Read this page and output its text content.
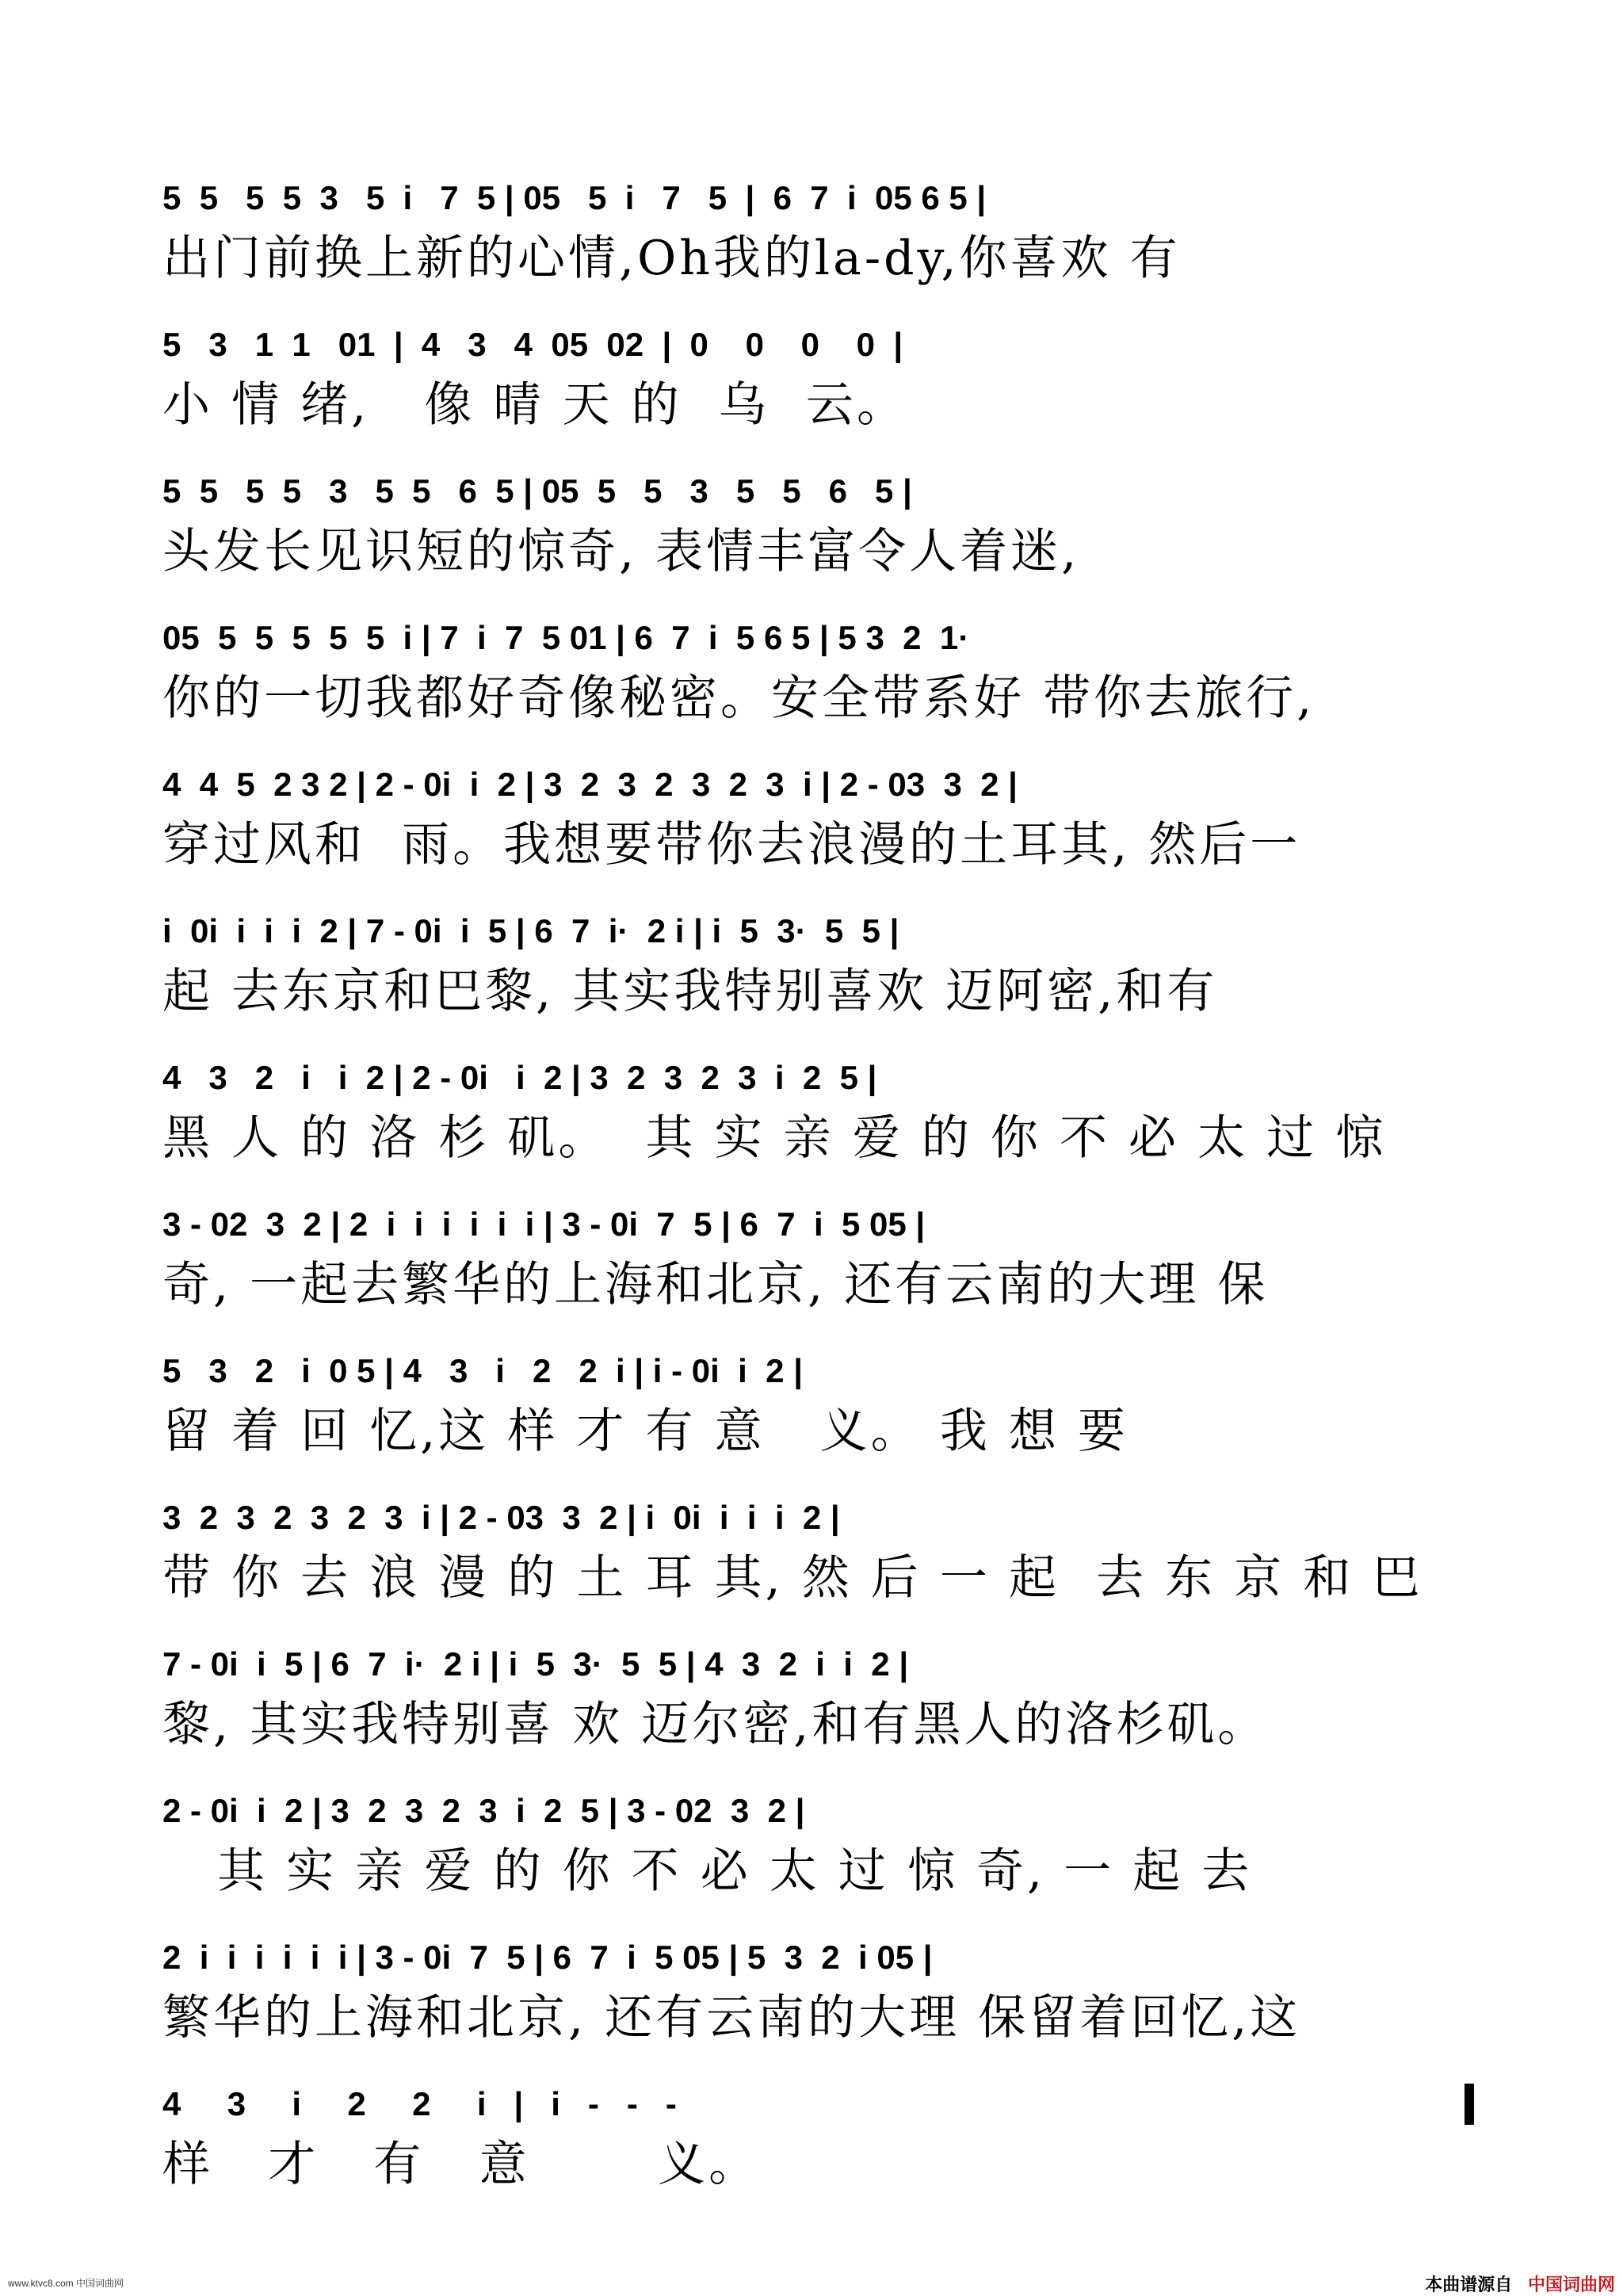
5  5   5  5  3   5  i   7  5 | 05   5  i   7   5  |  6  7  i  05 6 5 |
出门前换上新的心情,Oh我的la-dy,你喜欢 有
5   3   1  1   01  |  4   3   4  05  02  |  0    0    0    0  |
小 情 绪,   像 晴 天 的  乌  云。
5  5   5  5   3   5  5   6  5 | 05  5   5   3   5   5   6   5 |
头发长见识短的惊奇, 表情丰富令人着迷,
05  5  5  5  5  5  i | 7  i  7  5 01 | 6  7  i  5 6 5 | 5 3  2  1·
你的一切我都好奇像秘密。安全带系好 带你去旅行,
4  4  5  2 3 2 | 2 - 0i  i  2 | 3  2  3  2  3  2  3  i | 2 - 03  3  2 |
穿过风和  雨。我想要带你去浪漫的土耳其, 然后一
i  0i  i  i  i  2 | 7 - 0i  i  5 | 6  7  i·  2 i | i  5  3·  5  5 |
起 去东京和巴黎, 其实我特别喜欢 迈阿密,和有
4   3   2   i   i  2 | 2 - 0i   i  2 | 3  2  3  2  3  i  2  5 |
黑 人 的 洛 杉 矶。  其 实 亲 爱 的 你 不 必 太 过 惊
3 - 02  3  2 | 2  i  i  i  i  i  i | 3 - 0i  7  5 | 6  7  i  5 05 |
奇, 一起去繁华的上海和北京, 还有云南的大理 保
5   3   2   i  0 5 | 4   3   i   2   2  i | i - 0i  i  2 |
留 着 回 忆,这 样 才 有 意   义。 我 想 要
3  2  3  2  3  2  3  i | 2 - 03  3  2 | i  0i  i  i  i  2 |
带 你 去 浪 漫 的 土 耳 其, 然 后 一 起  去 东 京 和 巴
7 - 0i  i  5 | 6  7  i·  2 i | i  5  3·  5  5 | 4  3  2  i  i  2 |
黎, 其实我特别喜 欢 迈尔密,和有黑人的洛杉矶。
2 - 0i  i  2 | 3  2  3  2  3  i  2  5 | 3 - 02  3  2 |
其 实 亲 爱 的 你 不 必 太 过 惊 奇, 一 起 去
2  i  i  i  i  i  i | 3 - 0i  7  5 | 6  7  i  5 05 | 5  3  2  i 05 |
繁华的上海和北京, 还有云南的大理 保留着回忆,这
4     3     i     2     2     i   |   i   -   -   -
样   才   有   意       义。
www.ktvc8.com 中国词曲网	本曲谱源自 中国词曲网
